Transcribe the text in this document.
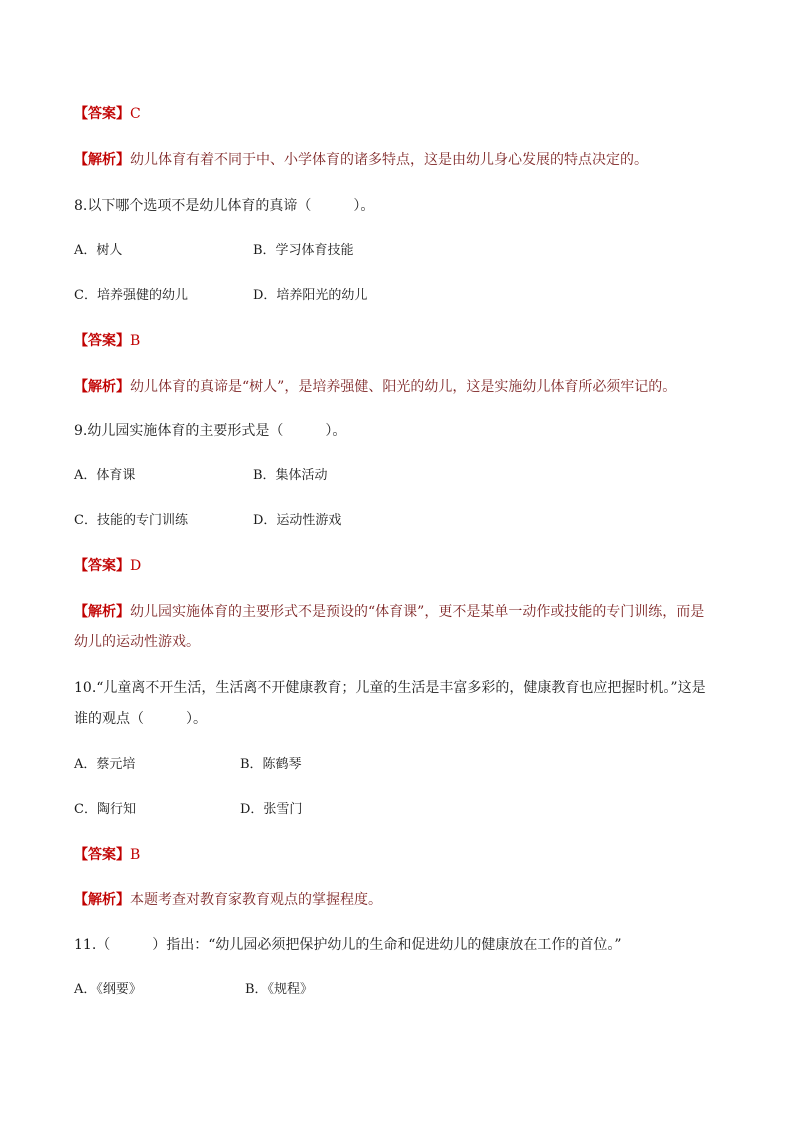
【答案】C
【解析】幼儿体育有着不同于中、小学体育的诸多特点，这是由幼儿身心发展的特点决定的。
8.以下哪个选项不是幼儿体育的真谛（　　　）。
A．树人	B．学习体育技能
C．培养强健的幼儿	D．培养阳光的幼儿
【答案】B
【解析】幼儿体育的真谛是“树人”，是培养强健、阳光的幼儿，这是实施幼儿体育所必须牢记的。
9.幼儿园实施体育的主要形式是（　　　）。
A．体育课	B．集体活动
C．技能的专门训练	D．运动性游戏
【答案】D
【解析】幼儿园实施体育的主要形式不是预设的“体育课”，更不是某单一动作或技能的专门训练，而是
幼儿的运动性游戏。
10.“儿童离不开生活，生活离不开健康教育；儿童的生活是丰富多彩的，健康教育也应把握时机。”这是
谁的观点（　　　）。
A．蔡元培	B．陈鹤琴
C．陶行知	D．张雪门
【答案】B
【解析】本题考查对教育家教育观点的掌握程度。
11.（　　　）指出：“幼儿园必须把保护幼儿的生命和促进幼儿的健康放在工作的首位。”
A．《纲要》	B．《规程》
